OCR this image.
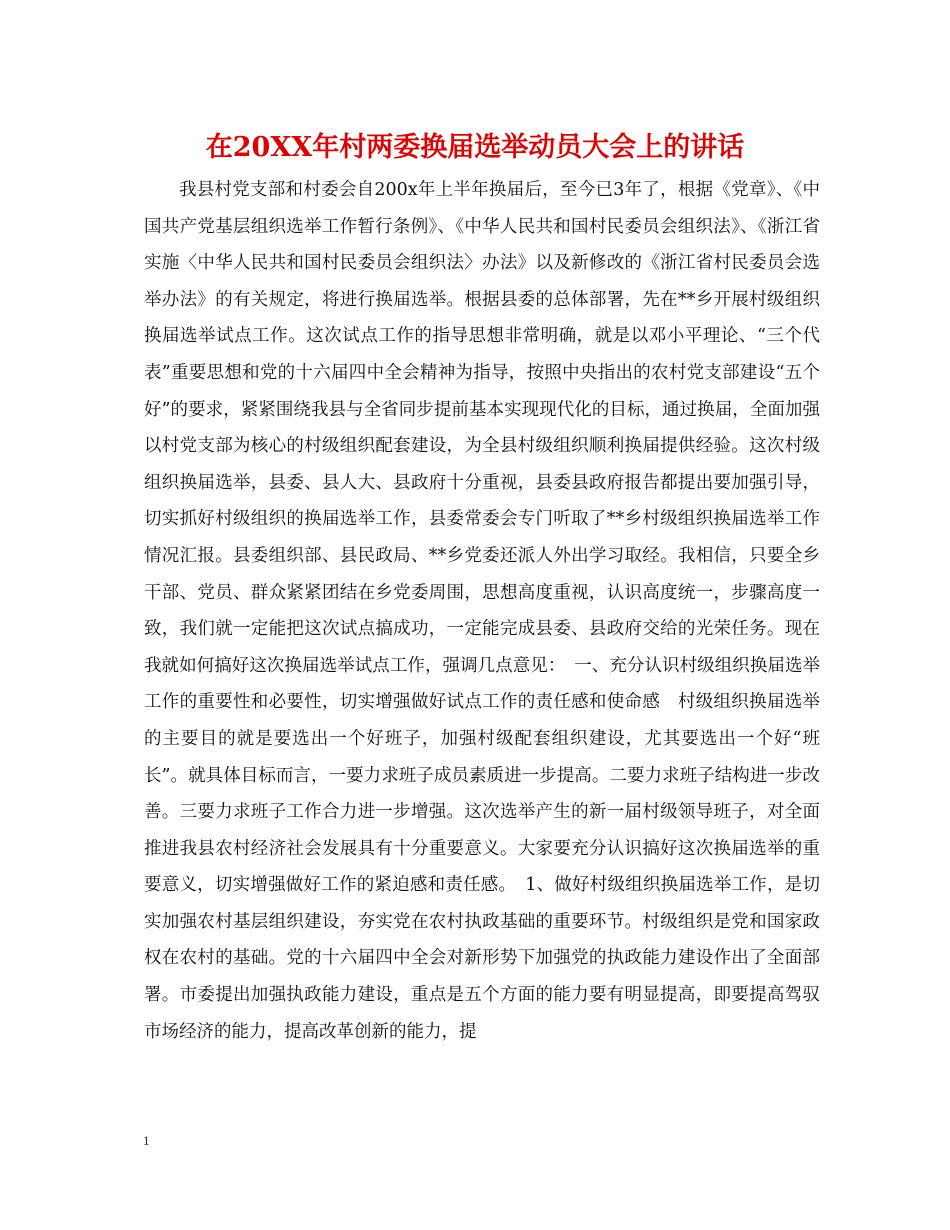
在20XX年村两委换届选举动员大会上的讲话

我县村党支部和村委会自200x年上半年换届后，至今已3年了，根据《党章》、《中国共产党基层组织选举工作暂行条例》、《中华人民共和国村民委员会组织法》、《浙江省实施〈中华人民共和国村民委员会组织法〉办法》以及新修改的《浙江省村民委员会选举办法》的有关规定，将进行换届选举。根据县委的总体部署，先在**乡开展村级组织换届选举试点工作。这次试点工作的指导思想非常明确，就是以邓小平理论、“三个代表”重要思想和党的十六届四中全会精神为指导，按照中央指出的农村党支部建设“五个好”的要求，紧紧围绕我县与全省同步提前基本实现现代化的目标，通过换届，全面加强以村党支部为核心的村级组织配套建设，为全县村级组织顺利换届提供经验。这次村级组织换届选举，县委、县人大、县政府十分重视，县委县政府报告都提出要加强引导，切实抓好村级组织的换届选举工作，县委常委会专门听取了**乡村级组织换届选举工作情况汇报。县委组织部、县民政局、**乡党委还派人外出学习取经。我相信，只要全乡干部、党员、群众紧紧团结在乡党委周围，思想高度重视，认识高度统一，步骤高度一致，我们就一定能把这次试点搞成功，一定能完成县委、县政府交给的光荣任务。现在我就如何搞好这次换届选举试点工作，强调几点意见：　一、充分认识村级组织换届选举工作的重要性和必要性，切实增强做好试点工作的责任感和使命感　村级组织换届选举的主要目的就是要选出一个好班子，加强村级配套组织建设，尤其要选出一个好“班长”。就具体目标而言，一要力求班子成员素质进一步提高。二要力求班子结构进一步改善。三要力求班子工作合力进一步增强。这次选举产生的新一届村级领导班子，对全面推进我县农村经济社会发展具有十分重要意义。大家要充分认识搞好这次换届选举的重要意义，切实增强做好工作的紧迫感和责任感。　1、做好村级组织换届选举工作，是切实加强农村基层组织建设，夯实党在农村执政基础的重要环节。村级组织是党和国家政权在农村的基础。党的十六届四中全会对新形势下加强党的执政能力建设作出了全面部署。市委提出加强执政能力建设，重点是五个方面的能力要有明显提高，即要提高驾驭市场经济的能力，提高改革创新的能力，提

1
